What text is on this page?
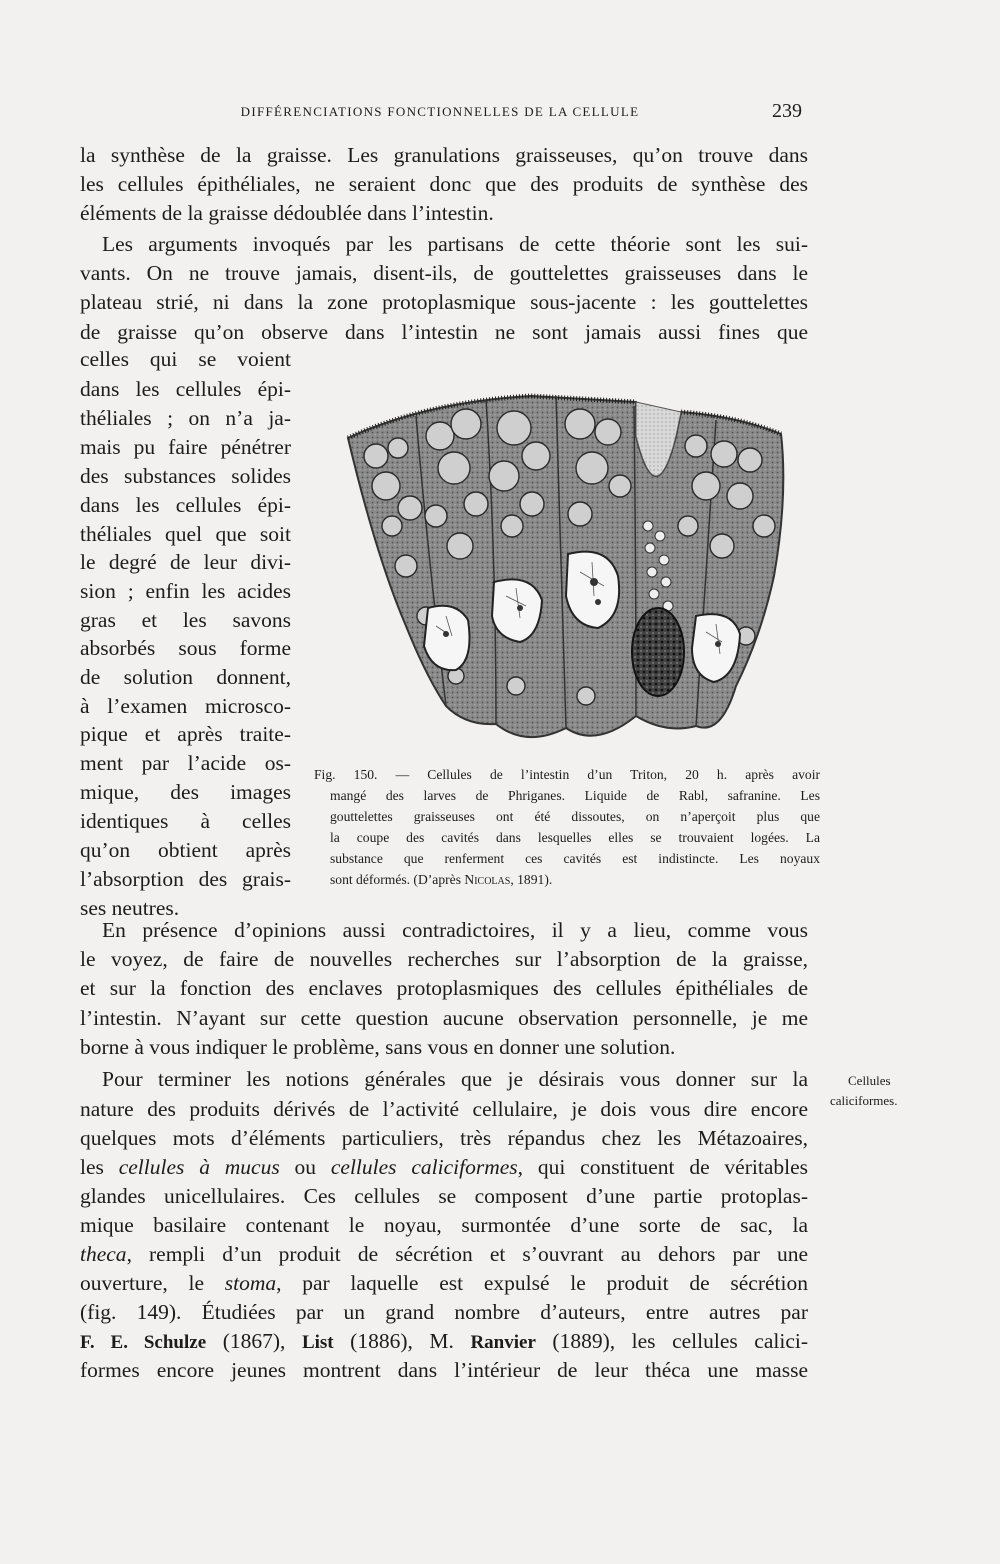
DIFFÉRENCIATIONS FONCTIONNELLES DE LA CELLULE	239
la synthèse de la graisse. Les granulations graisseuses, qu’on trouve dans
les cellules épithéliales, ne seraient donc que des produits de synthèse des
éléments de la graisse dédoublée dans l’intestin.
Les arguments invoqués par les partisans de cette théorie sont les sui-
vants. On ne trouve jamais, disent-ils, de gouttelettes graisseuses dans le
plateau strié, ni dans la zone protoplasmique sous-jacente : les gouttelettes
de graisse qu’on observe dans l’intestin ne sont jamais aussi fines que
celles qui se voient
dans les cellules épi-
théliales ; on n’a ja-
mais pu faire pénétrer
des substances solides
dans les cellules épi-
théliales quel que soit
le degré de leur divi-
sion ; enfin les acides
gras et les savons
absorbés sous forme
de solution donnent,
à l’examen microsco-
pique et après traite-
ment par l’acide os-
mique, des images
identiques à celles
qu’on obtient après
l’absorption des grais-
ses neutres.
Fig. 150. — Cellules de l’intestin d’un Triton, 20 h. après avoir
mangé des larves de Phriganes. Liquide de Rabl, safranine. Les
gouttelettes graisseuses ont été dissoutes, on n’aperçoit plus que
la coupe des cavités dans lesquelles elles se trouvaient logées. La
substance que renferment ces cavités est indistincte. Les noyaux
sont déformés. (D’après Nicolas, 1891).
En présence d’opinions aussi contradictoires, il y a lieu, comme vous
le voyez, de faire de nouvelles recherches sur l’absorption de la graisse,
et sur la fonction des enclaves protoplasmiques des cellules épithéliales de
l’intestin. N’ayant sur cette question aucune observation personnelle, je me
borne à vous indiquer le problème, sans vous en donner une solution.
Pour terminer les notions générales que je désirais vous donner sur la
nature des produits dérivés de l’activité cellulaire, je dois vous dire encore
quelques mots d’éléments particuliers, très répandus chez les Métazoaires,
les cellules à mucus ou cellules caliciformes, qui constituent de véritables
glandes unicellulaires. Ces cellules se composent d’une partie protoplas-
mique basilaire contenant le noyau, surmontée d’une sorte de sac, la
theca, rempli d’un produit de sécrétion et s’ouvrant au dehors par une
ouverture, le stoma, par laquelle est expulsé le produit de sécrétion
(fig. 149). Étudiées par un grand nombre d’auteurs, entre autres par
F. E. Schulze (1867), List (1886), M. Ranvier (1889), les cellules calici-
formes encore jeunes montrent dans l’intérieur de leur théca une masse
Cellules
caliciformes.
